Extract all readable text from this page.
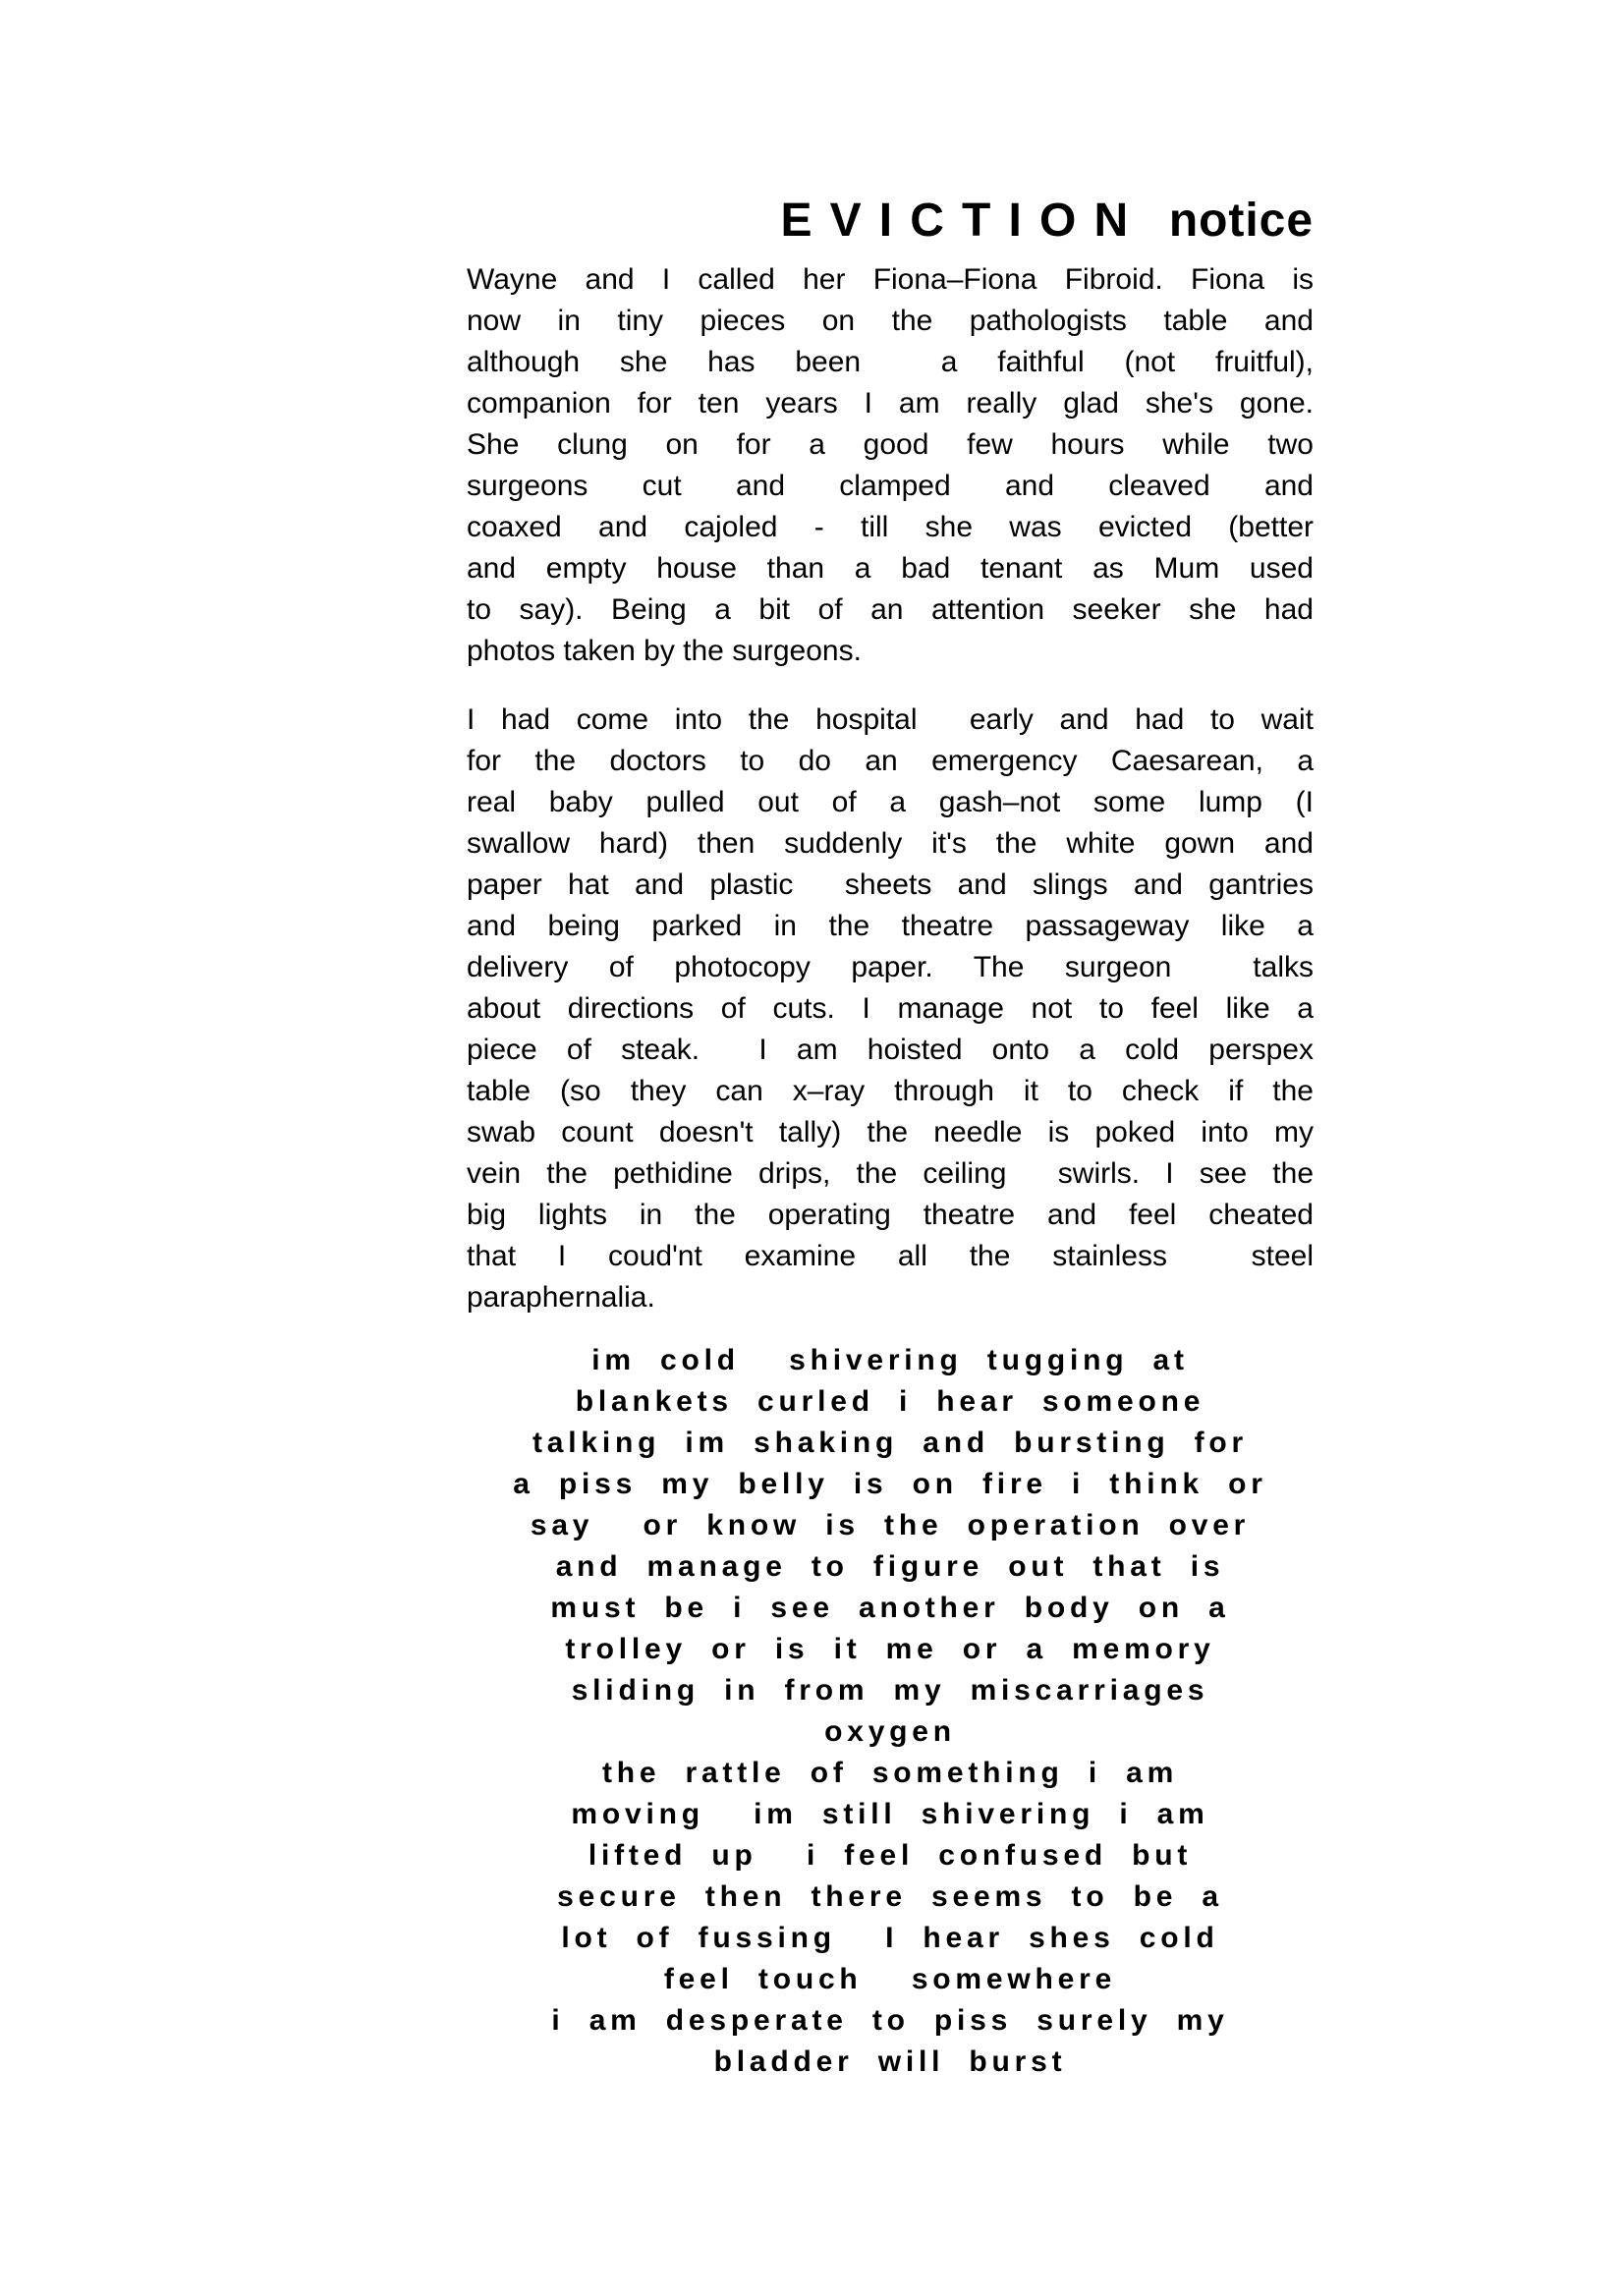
E V I C T I O N notice
Wayne and I called her Fiona–Fiona Fibroid. Fiona is
now in tiny pieces on the pathologists table and
although she has been  a faithful (not fruitful),
companion for ten years I am really glad she's gone.
She clung on for a good few hours while two
surgeons cut and clamped and cleaved and
coaxed and cajoled - till she was evicted (better
and empty house than a bad tenant as Mum used
to say). Being a bit of an attention seeker she had
photos taken by the surgeons.
I had come into the hospital  early and had to wait
for the doctors to do an emergency Caesarean, a
real baby pulled out of a gash–not some lump (I
swallow hard) then suddenly it's the white gown and
paper hat and plastic  sheets and slings and gantries
and being parked in the theatre passageway like a
delivery of photocopy paper. The surgeon  talks
about directions of cuts. I manage not to feel like a
piece of steak.  I am hoisted onto a cold perspex
table (so they can x–ray through it to check if the
swab count doesn't tally) the needle is poked into my
vein the pethidine drips, the ceiling  swirls. I see the
big lights in the operating theatre and feel cheated
that I coud'nt examine all the stainless  steel
paraphernalia.
im cold  shivering tugging at
blankets curled i hear someone
talking im shaking and bursting for
a piss my belly is on fire i think or
say  or know is the operation over
and manage to figure out that is
must be i see another body on a
trolley or is it me or a memory
sliding in from my miscarriages
oxygen
the rattle of something i am
moving  im still shivering i am
lifted up  i feel confused but
secure then there seems to be a
lot of fussing  I hear shes cold
feel touch  somewhere
i am desperate to piss surely my
bladder will burst
